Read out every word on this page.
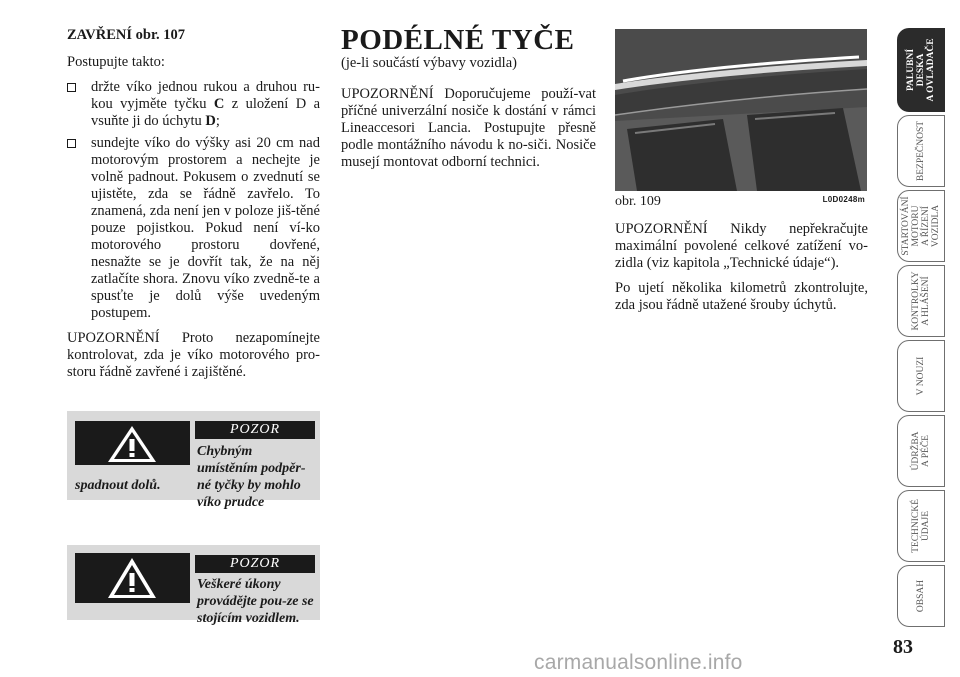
ZAVŘENÍ obr. 107

Postupujte takto:

držte víko jednou rukou a druhou ru-kou vyjměte tyčku C z uložení D a vsuňte ji do úchytu D;
sundejte víko do výšky asi 20 cm nad motorovým prostorem a nechejte je volně padnout. Pokusem o zvednutí se ujistěte, zda se řádně zavřelo. To znamená, zda není jen v poloze jiš-těné pouze pojistkou. Pokud není ví-ko motorového prostoru dovřené, nesnažte se je dovřít tak, že na něj zatlačíte shora. Znovu víko zvedně-te a spusťte je dolů výše uvedeným postupem.

UPOZORNĚNÍ Proto nezapomínejte kontrolovat, zda je víko motorového pro-storu řádně zavřené i zajištěné.

POZOR
Chybným umístěním podpěr-né tyčky by mohlo víko prudce
spadnout dolů.
POZOR
Veškeré úkony provádějte pou-ze se stojícím vozidlem.
PODÉLNÉ TYČE

(je-li součástí výbavy vozidla)

UPOZORNĚNÍ Doporučujeme použí-vat příčné univerzální nosiče k dostání v rámci Lineaccesori Lancia. Postupujte přesně podle montážního návodu k no-siči. Nosiče musejí montovat odborní technici.

obr. 109	L0D0248m

UPOZORNĚNÍ Nikdy nepřekračujte maximální povolené celkové zatížení vo-zidla (viz kapitola „Technické údaje“).

Po ujetí několika kilometrů zkontrolujte, zda jsou řádně utažené šrouby úchytů.

PALUBNÍ
DESKA
A OVLADAČE
BEZPEČNOST
STARTOVÁNÍ
MOTORU
A ŘÍZENÍ
VOZIDLA
KONTROLKY
A HLÁŠENÍ
V NOUZI
ÚDRŽBA
A PÉČE
TECHNICKÉ
ÚDAJE
OBSAH
83
carmanualsonline.info
